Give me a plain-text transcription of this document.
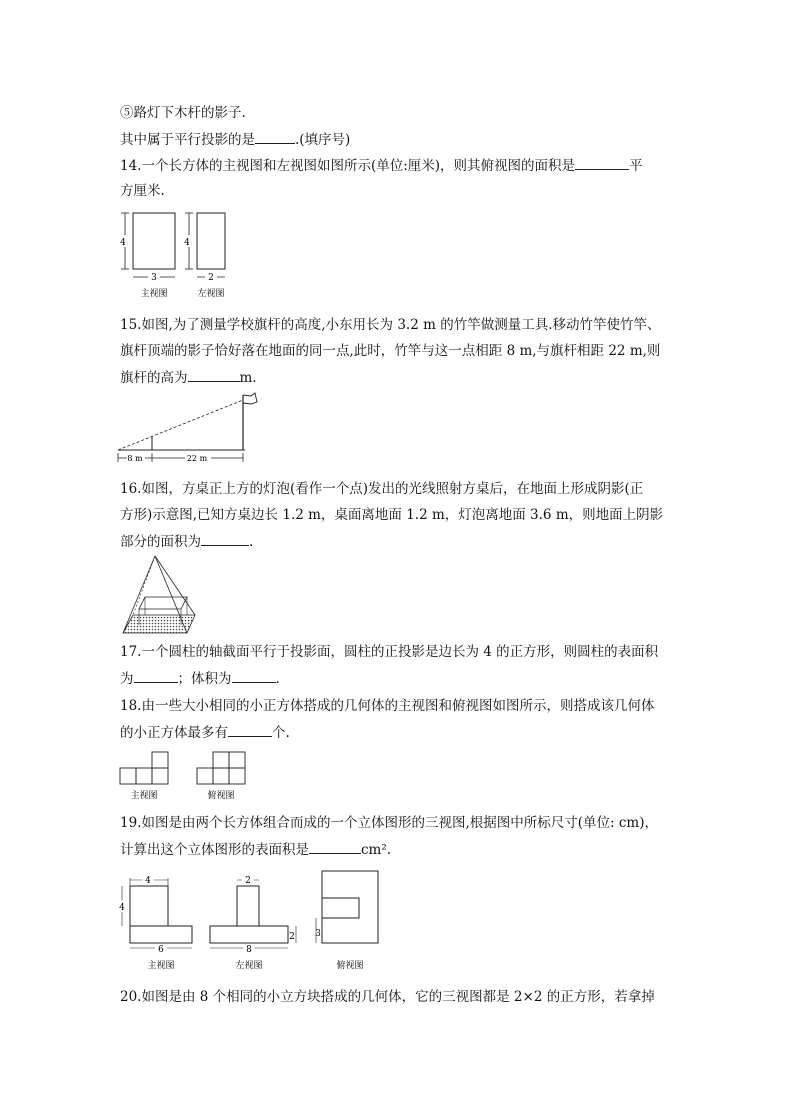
⑤路灯下木杆的影子.
其中属于平行投影的是	.(填序号)
14.一个长方体的主视图和左视图如图所示(单位:厘米)，则其俯视图的面积是	平
方厘米.
4
3
主视图
4
2
左视图
15.如图,为了测量学校旗杆的高度,小东用长为 3.2 m 的竹竿做测量工具.移动竹竿使竹竿、
旗杆顶端的影子恰好落在地面的同一点,此时，竹竿与这一点相距 8 m,与旗杆相距 22 m,则
旗杆的高为	m.
8 m	22 m
16.如图，方桌正上方的灯泡(看作一个点)发出的光线照射方桌后，在地面上形成阴影(正
方形)示意图,已知方桌边长 1.2 m，桌面离地面 1.2 m，灯泡离地面 3.6 m，则地面上阴影
部分的面积为	.
17.一个圆柱的轴截面平行于投影面，圆柱的正投影是边长为 4 的正方形，则圆柱的表面积
为	；体积为	.
18.由一些大小相同的小正方体搭成的几何体的主视图和俯视图如图所示，则搭成该几何体
的小正方体最多有	个.
主视图	俯视图
19.如图是由两个长方体组合而成的一个立体图形的三视图,根据图中所标尺寸(单位: cm)，
计算出这个立体图形的表面积是	cm².
4
4
6
主视图
2
8
2
左视图
3
俯视图
20.如图是由 8 个相同的小立方块搭成的几何体，它的三视图都是 2×2 的正方形，若拿掉
